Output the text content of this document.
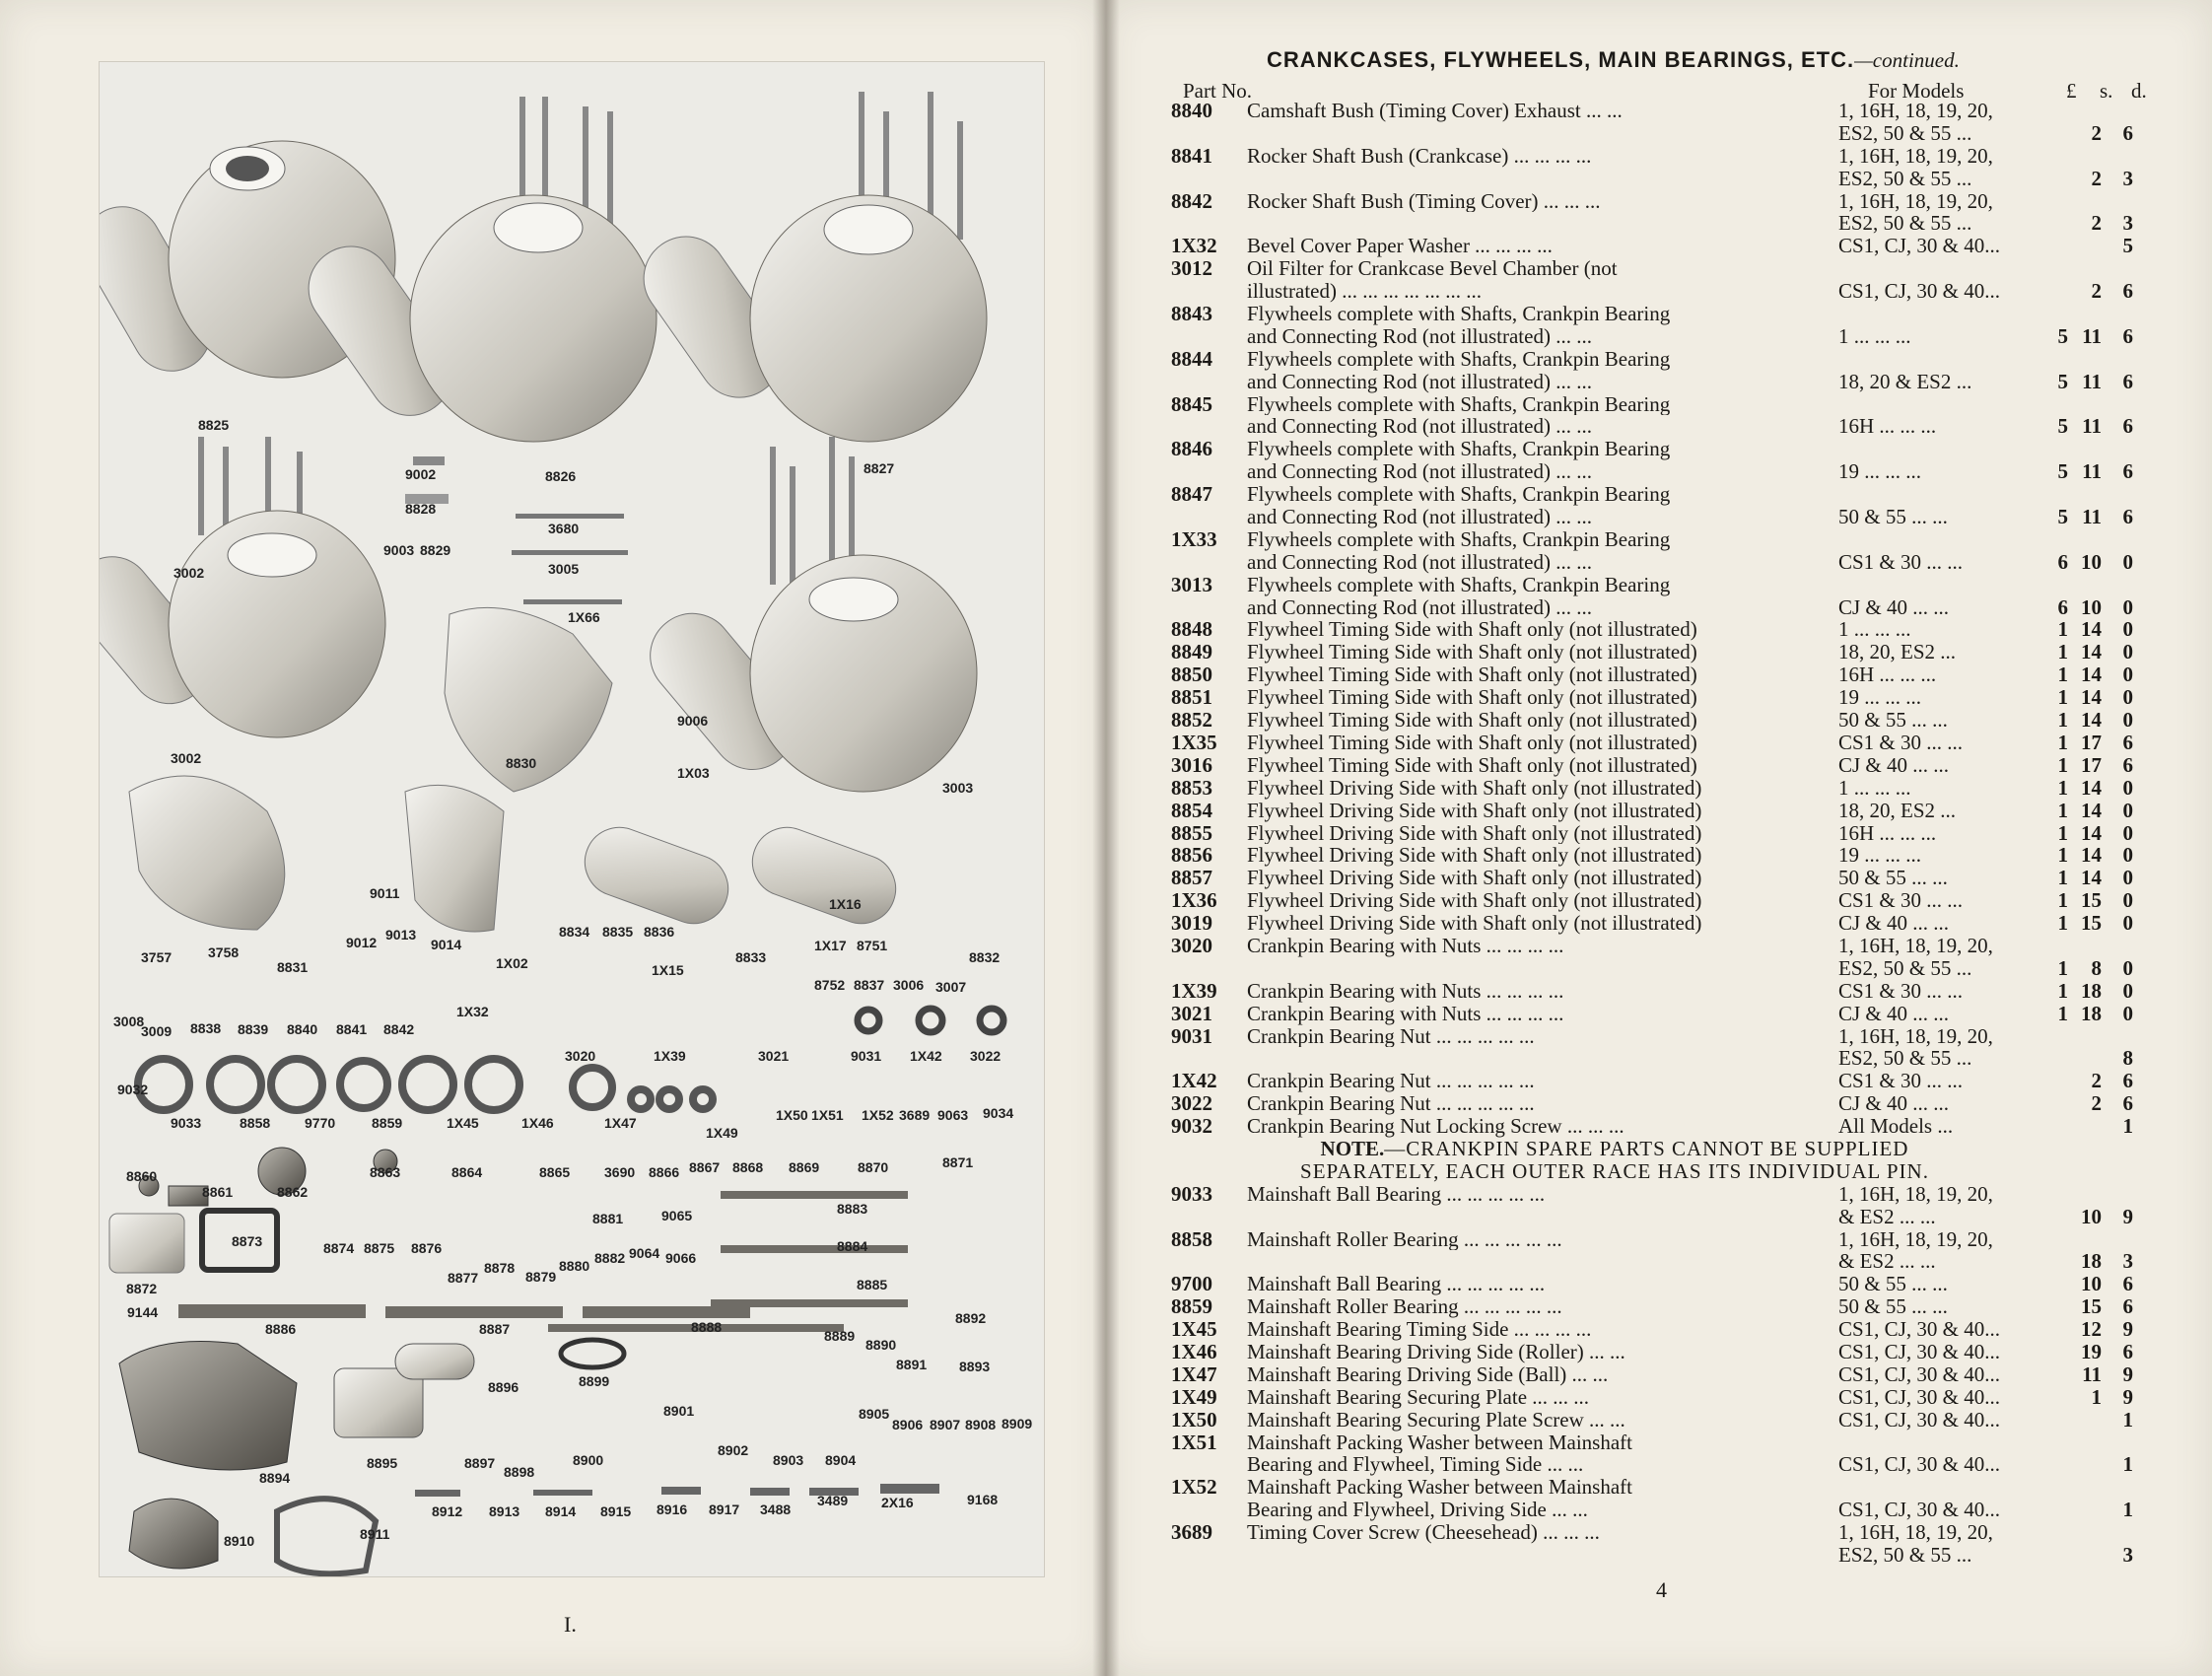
8825
8826	8827
9002
8828
9003 8829
3680
3005
1X66
3002
3002
9006
1X03
8830
3003
9011
9012 9013
9014
3757	3758
8831	1X02
8834 8835 8836
1X16
1X17 8751
8833	8832
1X15
8752 8837 3006 3007
3008
3009 8838 8839 8840 8841 8842
1X32
3020	1X39	3021	9031 1X42 3022
9032
9033	8858 9770	8859	1X45	1X46	1X47
1X49
1X50 1X51 1X52 3689 9063 9034
8860
8861	8862
8863	8864	8865 3690 8866 8867 8868 8869	8870	8871
8883
8881	9065
8873	8874 8875 8876
8877
8878
8879
8880 8882 9064 9066
8884
8885
8872
9144
8886	8887	8888
8889
8890
8892
8891 8893
8894
8895
8896	8899
8901
8897
8898
8900
8902
8903 8904
8905
8906 8907 8908 8909
8910	8911
8912 8913 8914 8915 8916 8917 3488
3489 2X16	9168
I.
CRANKCASES, FLYWHEELS, MAIN BEARINGS, ETC.—continued.
Part No.	For Models	£ s. d.
8840	Camshaft Bush (Timing Cover) Exhaust ... ...	1, 16H, 18, 19, 20,
ES2, 50 & 55 ...	2	6
8841	Rocker Shaft Bush (Crankcase) ... ... ... ...	1, 16H, 18, 19, 20,
ES2, 50 & 55 ...	2	3
8842	Rocker Shaft Bush (Timing Cover) ... ... ...	1, 16H, 18, 19, 20,
ES2, 50 & 55 ...	2	3
1X32	Bevel Cover Paper Washer ... ... ... ...	CS1, CJ, 30 & 40...	5
3012	Oil Filter for Crankcase Bevel Chamber (not
illustrated) ... ... ... ... ... ... ...	CS1, CJ, 30 & 40...	2	6
8843	Flywheels complete with Shafts, Crankpin Bearing
and Connecting Rod (not illustrated) ... ...	1 ... ... ...	5 11	6
8844	Flywheels complete with Shafts, Crankpin Bearing
and Connecting Rod (not illustrated) ... ...	18, 20 & ES2 ...	5 11	6
8845	Flywheels complete with Shafts, Crankpin Bearing
and Connecting Rod (not illustrated) ... ...	16H ... ... ...	5 11	6
8846	Flywheels complete with Shafts, Crankpin Bearing
and Connecting Rod (not illustrated) ... ...	19 ... ... ...	5 11	6
8847	Flywheels complete with Shafts, Crankpin Bearing
and Connecting Rod (not illustrated) ... ...	50 & 55 ... ...	5 11	6
1X33	Flywheels complete with Shafts, Crankpin Bearing
and Connecting Rod (not illustrated) ... ...	CS1 & 30 ... ...	6 10	0
3013	Flywheels complete with Shafts, Crankpin Bearing
and Connecting Rod (not illustrated) ... ...	CJ & 40 ... ...	6 10	0
8848	Flywheel Timing Side with Shaft only (not illustrated)	1 ... ... ...	1 14	0
8849	Flywheel Timing Side with Shaft only (not illustrated)	18, 20, ES2 ...	1 14	0
8850	Flywheel Timing Side with Shaft only (not illustrated)	16H ... ... ...	1 14	0
8851	Flywheel Timing Side with Shaft only (not illustrated)	19 ... ... ...	1 14	0
8852	Flywheel Timing Side with Shaft only (not illustrated)	50 & 55 ... ...	1 14	0
1X35	Flywheel Timing Side with Shaft only (not illustrated)	CS1 & 30 ... ...	1 17	6
3016	Flywheel Timing Side with Shaft only (not illustrated)	CJ & 40 ... ...	1 17	6
8853	Flywheel Driving Side with Shaft only (not illustrated)	1 ... ... ...	1 14	0
8854	Flywheel Driving Side with Shaft only (not illustrated)	18, 20, ES2 ...	1 14	0
8855	Flywheel Driving Side with Shaft only (not illustrated)	16H ... ... ...	1 14	0
8856	Flywheel Driving Side with Shaft only (not illustrated)	19 ... ... ...	1 14	0
8857	Flywheel Driving Side with Shaft only (not illustrated)	50 & 55 ... ...	1 14	0
1X36	Flywheel Driving Side with Shaft only (not illustrated)	CS1 & 30 ... ...	1 15	0
3019	Flywheel Driving Side with Shaft only (not illustrated)	CJ & 40 ... ...	1 15	0
3020	Crankpin Bearing with Nuts ... ... ... ...	1, 16H, 18, 19, 20,
ES2, 50 & 55 ...	1	8	0
1X39	Crankpin Bearing with Nuts ... ... ... ...	CS1 & 30 ... ...	1 18	0
3021	Crankpin Bearing with Nuts ... ... ... ...	CJ & 40 ... ...	1 18	0
9031	Crankpin Bearing Nut ... ... ... ... ...	1, 16H, 18, 19, 20,
ES2, 50 & 55 ...	8
1X42	Crankpin Bearing Nut ... ... ... ... ...	CS1 & 30 ... ...	2	6
3022	Crankpin Bearing Nut ... ... ... ... ...	CJ & 40 ... ...	2	6
9032	Crankpin Bearing Nut Locking Screw ... ... ...	All Models ...	1
NOTE.—CRANKPIN SPARE PARTS CANNOT BE SUPPLIED
SEPARATELY, EACH OUTER RACE HAS ITS INDIVIDUAL PIN.
9033	Mainshaft Ball Bearing ... ... ... ... ...	1, 16H, 18, 19, 20,
& ES2 ... ...	10	9
8858	Mainshaft Roller Bearing ... ... ... ... ...	1, 16H, 18, 19, 20,
& ES2 ... ...	18	3
9700	Mainshaft Ball Bearing ... ... ... ... ...	50 & 55 ... ...	10	6
8859	Mainshaft Roller Bearing ... ... ... ... ...	50 & 55 ... ...	15	6
1X45	Mainshaft Bearing Timing Side ... ... ... ...	CS1, CJ, 30 & 40...	12	9
1X46	Mainshaft Bearing Driving Side (Roller) ... ...	CS1, CJ, 30 & 40...	19	6
1X47	Mainshaft Bearing Driving Side (Ball) ... ...	CS1, CJ, 30 & 40...	11	9
1X49	Mainshaft Bearing Securing Plate ... ... ...	CS1, CJ, 30 & 40...	1	9
1X50	Mainshaft Bearing Securing Plate Screw ... ...	CS1, CJ, 30 & 40...	1
1X51	Mainshaft Packing Washer between Mainshaft
Bearing and Flywheel, Timing Side ... ...	CS1, CJ, 30 & 40...	1
1X52	Mainshaft Packing Washer between Mainshaft
Bearing and Flywheel, Driving Side ... ...	CS1, CJ, 30 & 40...	1
3689	Timing Cover Screw (Cheesehead) ... ... ...	1, 16H, 18, 19, 20,
ES2, 50 & 55 ...	3
4
